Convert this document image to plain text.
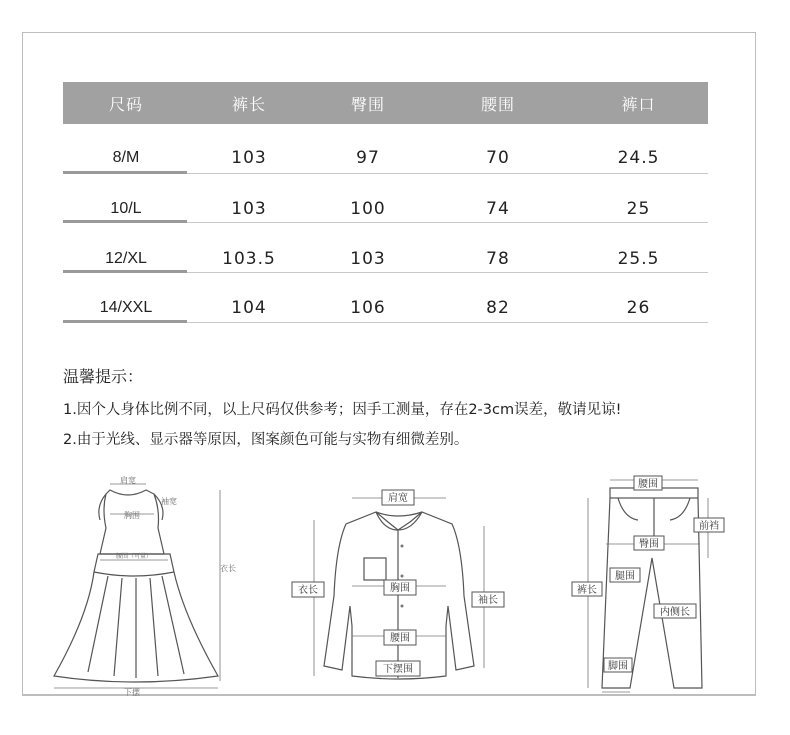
尺码	裤长	臀围	腰围	裤口
8/M	103	97	70	24.5
10/L	103	100	74	25
12/XL	103.5	103	78	25.5
14/XXL	104	106	82	26
温馨提示：
1.因个人身体比例不同，以上尺码仅供参考；因手工测量，存在2-3cm误差，敬请见谅!
2.由于光线、显示器等原因，图案颜色可能与实物有细微差别。
肩宽
胸围
袖宽
腰围（可量）
衣长
下摆
肩宽
衣长	胸围
袖长
腰围
下摆围
腰围
前裆
臀围
腿围
裤长
内侧长
脚围
